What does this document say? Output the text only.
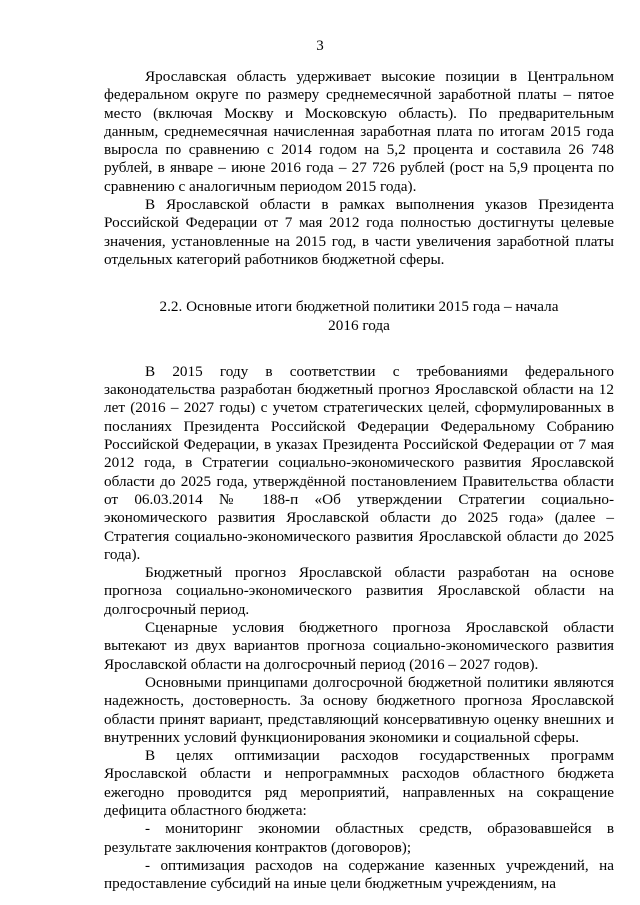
3

Ярославская область удерживает высокие позиции в Центральном федеральном округе по размеру среднемесячной заработной платы – пятое место (включая Москву и Московскую область). По предварительным данным, среднемесячная начисленная заработная плата по итогам 2015 года выросла по сравнению с 2014 годом на 5,2 процента и составила 26 748 рублей, в январе – июне 2016 года – 27 726 рублей (рост на 5,9 процента по сравнению с аналогичным периодом 2015 года).

В Ярославской области в рамках выполнения указов Президента Российской Федерации от 7 мая 2012 года полностью достигнуты целевые значения, установленные на 2015 год, в части увеличения заработной платы отдельных категорий работников бюджетной сферы.

2.2. Основные итоги бюджетной политики 2015 года – начала
2016 года

В 2015 году в соответствии с требованиями федерального законодательства разработан бюджетный прогноз Ярославской области на 12 лет (2016 – 2027 годы) с учетом стратегических целей, сформулированных в посланиях Президента Российской Федерации Федеральному Собранию Российской Федерации, в указах Президента Российской Федерации от 7 мая 2012 года, в Стратегии социально-экономического развития Ярославской области до 2025 года, утверждённой постановлением Правительства области от 06.03.2014 № 188-п «Об утверждении Стратегии социально-экономического развития Ярославской области до 2025 года» (далее – Стратегия социально-экономического развития Ярославской области до 2025 года).

Бюджетный прогноз Ярославской области разработан на основе прогноза социально-экономического развития Ярославской области на долгосрочный период.

Сценарные условия бюджетного прогноза Ярославской области вытекают из двух вариантов прогноза социально-экономического развития Ярославской области на долгосрочный период (2016 – 2027 годов).

Основными принципами долгосрочной бюджетной политики являются надежность, достоверность. За основу бюджетного прогноза Ярославской области принят вариант, представляющий консервативную оценку внешних и внутренних условий функционирования экономики и социальной сферы.

В целях оптимизации расходов государственных программ Ярославской области и непрограммных расходов областного бюджета ежегодно проводится ряд мероприятий, направленных на сокращение дефицита областного бюджета:

- мониторинг экономии областных средств, образовавшейся в результате заключения контрактов (договоров);

- оптимизация расходов на содержание казенных учреждений, на предоставление субсидий на иные цели бюджетным учреждениям, на
